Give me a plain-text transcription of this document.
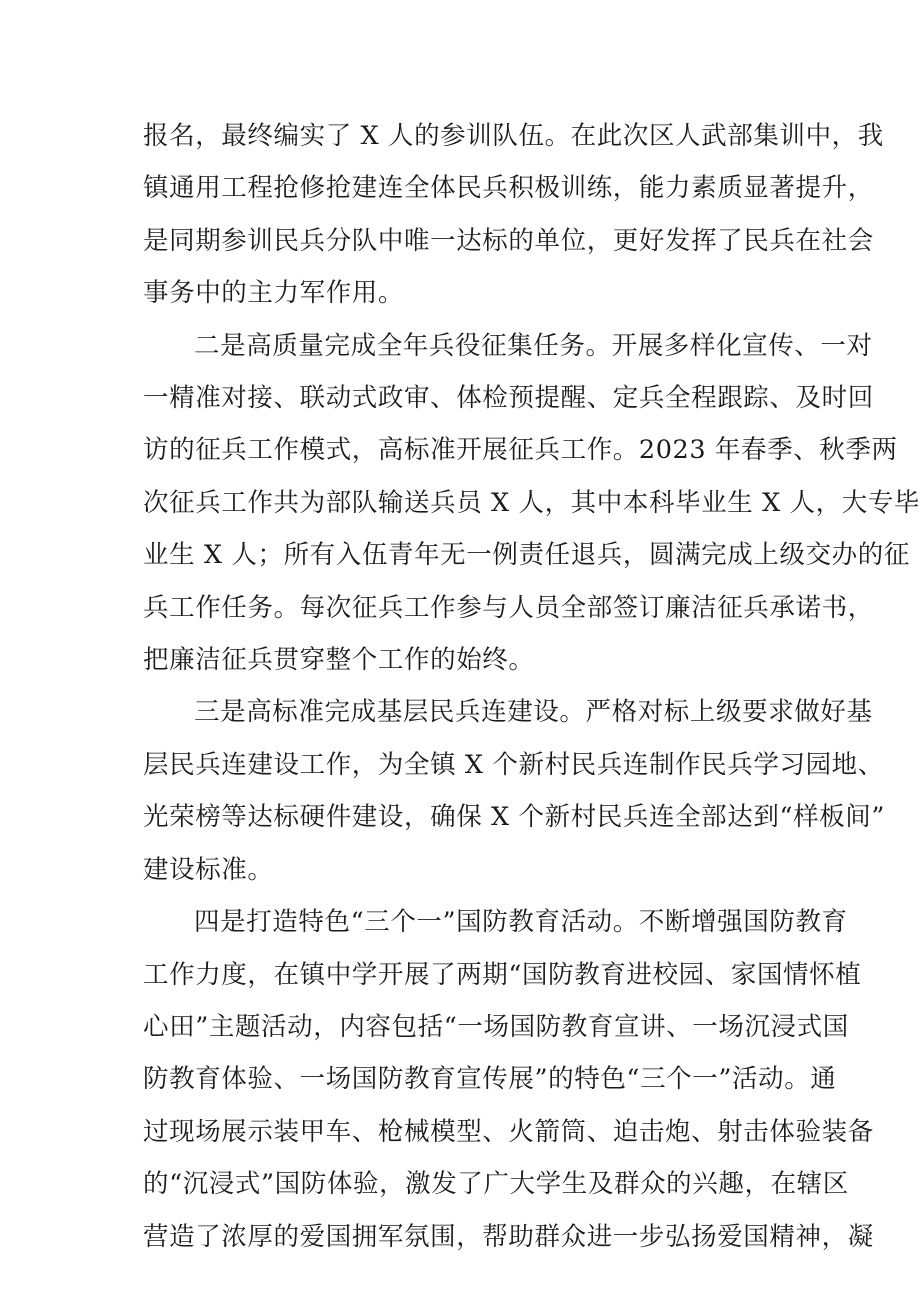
报名，最终编实了 X 人的参训队伍。在此次区人武部集训中，我
镇通用工程抢修抢建连全体民兵积极训练，能力素质显著提升，
是同期参训民兵分队中唯一达标的单位，更好发挥了民兵在社会
事务中的主力军作用。

二是高质量完成全年兵役征集任务。开展多样化宣传、一对
一精准对接、联动式政审、体检预提醒、定兵全程跟踪、及时回
访的征兵工作模式，高标准开展征兵工作。2023 年春季、秋季两
次征兵工作共为部队输送兵员 X 人，其中本科毕业生 X 人，大专毕
业生 X 人；所有入伍青年无一例责任退兵，圆满完成上级交办的征
兵工作任务。每次征兵工作参与人员全部签订廉洁征兵承诺书，
把廉洁征兵贯穿整个工作的始终。

三是高标准完成基层民兵连建设。严格对标上级要求做好基
层民兵连建设工作，为全镇 X 个新村民兵连制作民兵学习园地、
光荣榜等达标硬件建设，确保 X 个新村民兵连全部达到“样板间”
建设标准。

四是打造特色“三个一”国防教育活动。不断增强国防教育
工作力度，在镇中学开展了两期“国防教育进校园、家国情怀植
心田”主题活动，内容包括“一场国防教育宣讲、一场沉浸式国
防教育体验、一场国防教育宣传展”的特色“三个一”活动。通
过现场展示装甲车、枪械模型、火箭筒、迫击炮、射击体验装备
的“沉浸式”国防体验，激发了广大学生及群众的兴趣，在辖区
营造了浓厚的爱国拥军氛围，帮助群众进一步弘扬爱国精神，凝
